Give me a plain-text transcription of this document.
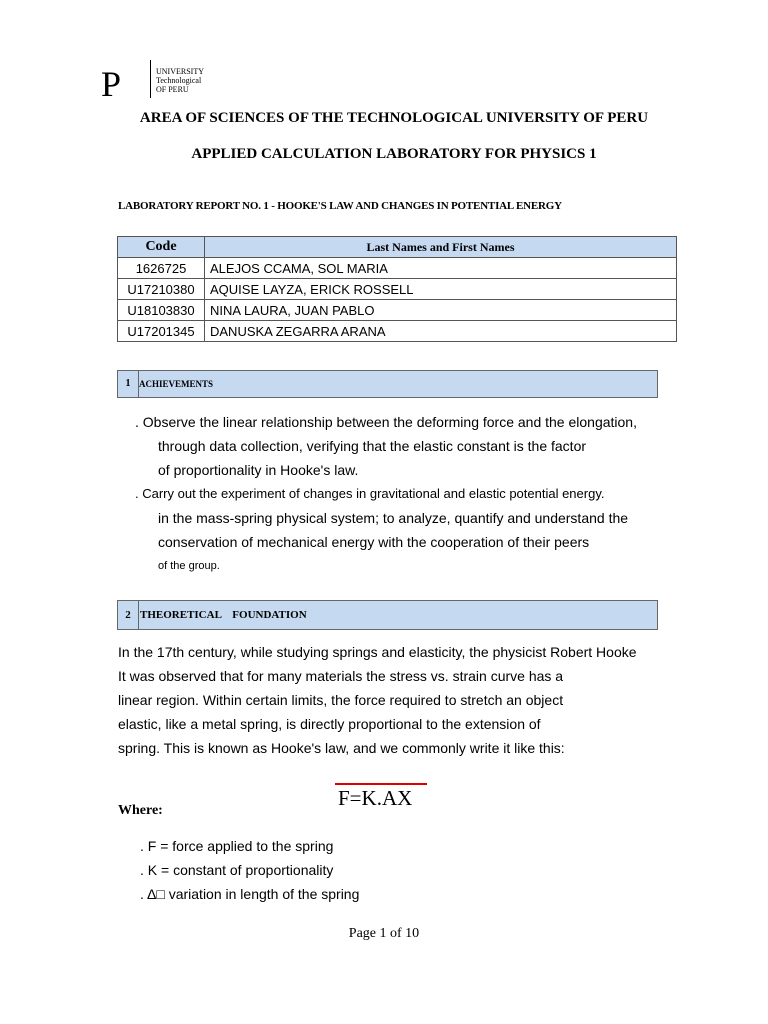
P	UNIVERSITY
Technological
OF PERU
AREA OF SCIENCES OF THE TECHNOLOGICAL UNIVERSITY OF PERU
APPLIED CALCULATION LABORATORY FOR PHYSICS 1
LABORATORY REPORT NO. 1 - HOOKE'S LAW AND CHANGES IN POTENTIAL ENERGY
Code	Last Names and First Names
1626725	ALEJOS CCAMA, SOL MARIA
U17210380	AQUISE LAYZA, ERICK ROSSELL
U18103830	NINA LAURA, JUAN PABLO
U17201345	DANUSKA ZEGARRA ARANA
1 ACHIEVEMENTS
. Observe the linear relationship between the deforming force and the elongation,
through data collection, verifying that the elastic constant is the factor
of proportionality in Hooke's law.
. Carry out the experiment of changes in gravitational and elastic potential energy.
in the mass-spring physical system; to analyze, quantify and understand the
conservation of mechanical energy with the cooperation of their peers
of the group.
2 THEORETICAL    FOUNDATION
In the 17th century, while studying springs and elasticity, the physicist Robert Hooke
It was observed that for many materials the stress vs. strain curve has a
linear region. Within certain limits, the force required to stretch an object
elastic, like a metal spring, is directly proportional to the extension of
spring. This is known as Hooke's law, and we commonly write it like this:
F=K.AX
Where:
. F = force applied to the spring
. K = constant of proportionality
. Δ□ variation in length of the spring
Page 1 of 10
